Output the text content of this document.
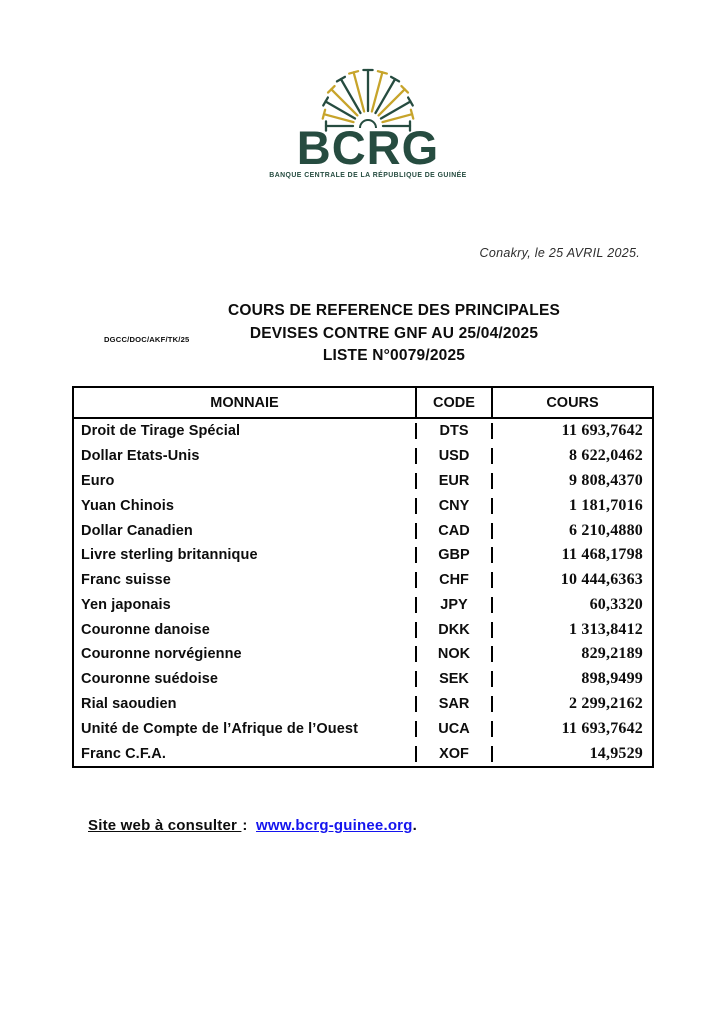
BCRG
BANQUE CENTRALE DE LA RÉPUBLIQUE DE GUINÉE
Conakry, le 25 AVRIL 2025.
DGCC/DOC/AKF/TK/25
COURS DE REFERENCE DES PRINCIPALES
DEVISES CONTRE GNF AU 25/04/2025
LISTE N°0079/2025
MONNAIE	CODE	COURS
Droit de Tirage Spécial	DTS	11 693,7642
Dollar Etats-Unis	USD	8 622,0462
Euro	EUR	9 808,4370
Yuan Chinois	CNY	1 181,7016
Dollar Canadien	CAD	6 210,4880
Livre sterling britannique	GBP	11 468,1798
Franc suisse	CHF	10 444,6363
Yen japonais	JPY	60,3320
Couronne danoise	DKK	1 313,8412
Couronne norvégienne	NOK	829,2189
Couronne suédoise	SEK	898,9499
Rial saoudien	SAR	2 299,2162
Unité de Compte de l’Afrique de l’Ouest	UCA	11 693,7642
Franc C.F.A.	XOF	14,9529
Site web à consulter : www.bcrg-guinee.org.
